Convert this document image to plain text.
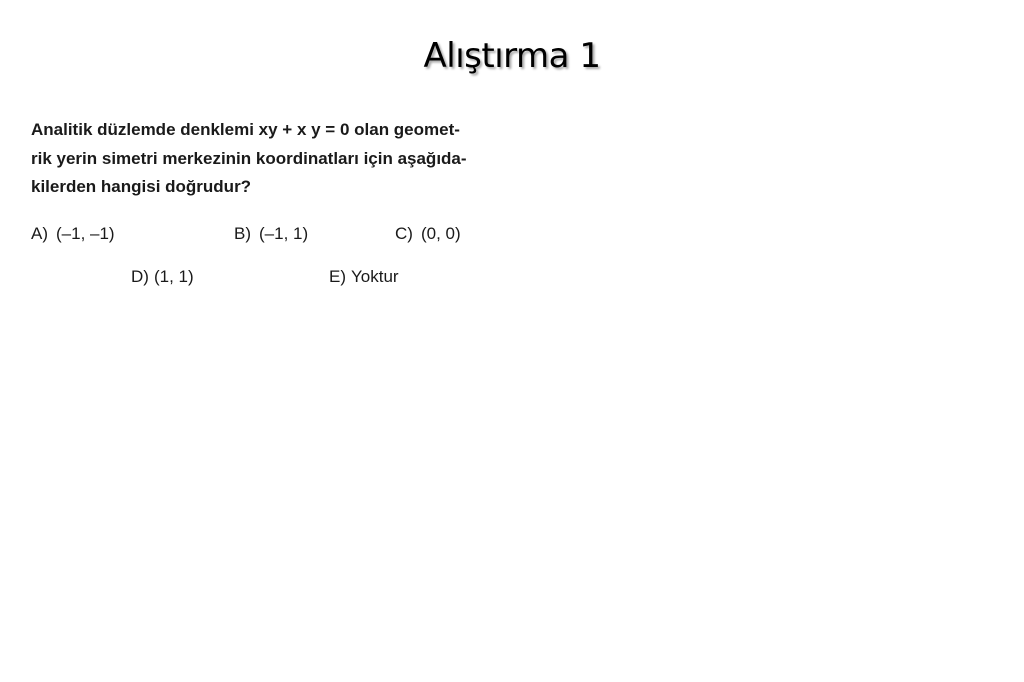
Alıştırma 1
Analitik düzlemde denklemi xy + x y = 0 olan geomet-
rik yerin simetri merkezinin koordinatları için aşağıda-
kilerden hangisi doğrudur?
A) (–1, –1)	B) (–1, 1)	C) (0, 0)
D) (1, 1)	E) Yoktur
